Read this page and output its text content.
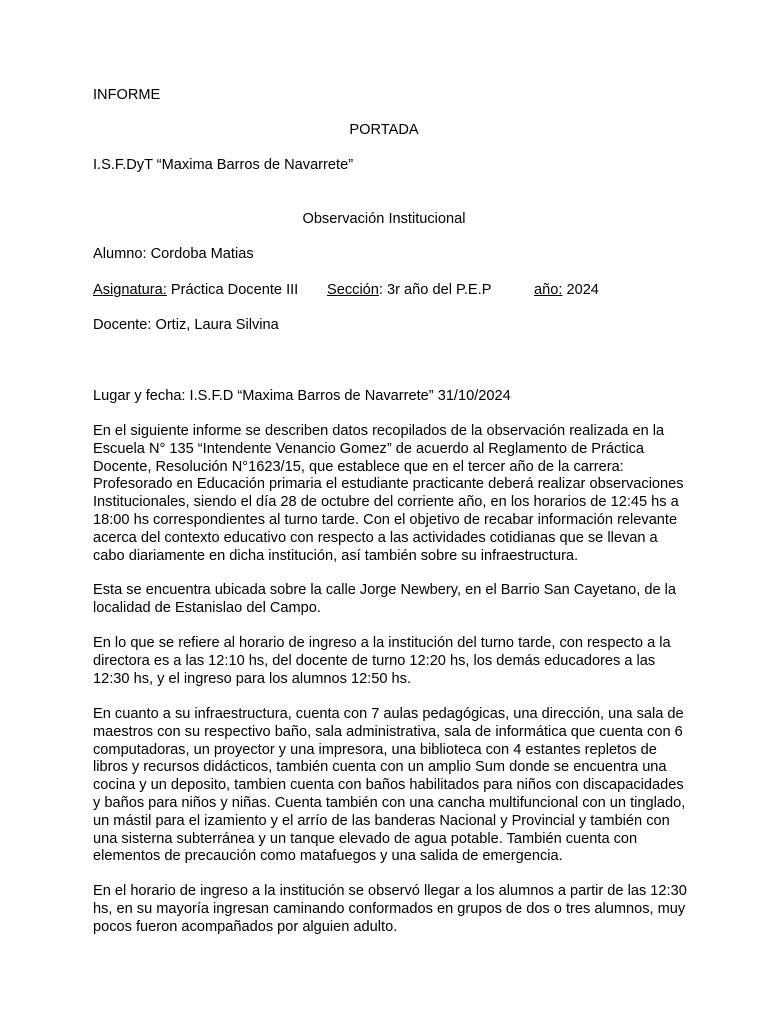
INFORME
PORTADA
I.S.F.DyT “Maxima Barros de Navarrete”
Observación Institucional
Alumno: Cordoba Matias
Asignatura: Práctica Docente III Sección: 3r año del P.E.P	año: 2024
Docente: Ortiz, Laura Silvina
Lugar y fecha: I.S.F.D “Maxima Barros de Navarrete” 31/10/2024
En el siguiente informe se describen datos recopilados de la observación realizada en la
Escuela N° 135 “Intendente Venancio Gomez” de acuerdo al Reglamento de Práctica
Docente, Resolución N°1623/15, que establece que en el tercer año de la carrera:
Profesorado en Educación primaria el estudiante practicante deberá realizar observaciones
Institucionales, siendo el día 28 de octubre del corriente año, en los horarios de 12:45 hs a
18:00 hs correspondientes al turno tarde. Con el objetivo de recabar información relevante
acerca del contexto educativo con respecto a las actividades cotidianas que se llevan a
cabo diariamente en dicha institución, así también sobre su infraestructura.
Esta se encuentra ubicada sobre la calle Jorge Newbery, en el Barrio San Cayetano, de la
localidad de Estanislao del Campo.
En lo que se refiere al horario de ingreso a la institución del turno tarde, con respecto a la
directora es a las 12:10 hs, del docente de turno 12:20 hs, los demás educadores a las
12:30 hs, y el ingreso para los alumnos 12:50 hs.
En cuanto a su infraestructura, cuenta con 7 aulas pedagógicas, una dirección, una sala de
maestros con su respectivo baño, sala administrativa, sala de informática que cuenta con 6
computadoras, un proyector y una impresora, una biblioteca con 4 estantes repletos de
libros y recursos didácticos, también cuenta con un amplio Sum donde se encuentra una
cocina y un deposito, tambien cuenta con baños habilitados para niños con discapacidades
y baños para niños y niñas. Cuenta también con una cancha multifuncional con un tinglado,
un mástil para el izamiento y el arrío de las banderas Nacional y Provincial y también con
una sisterna subterránea y un tanque elevado de agua potable. También cuenta con
elementos de precaución como matafuegos y una salida de emergencia.
En el horario de ingreso a la institución se observó llegar a los alumnos a partir de las 12:30
hs, en su mayoría ingresan caminando conformados en grupos de dos o tres alumnos, muy
pocos fueron acompañados por alguien adulto.
